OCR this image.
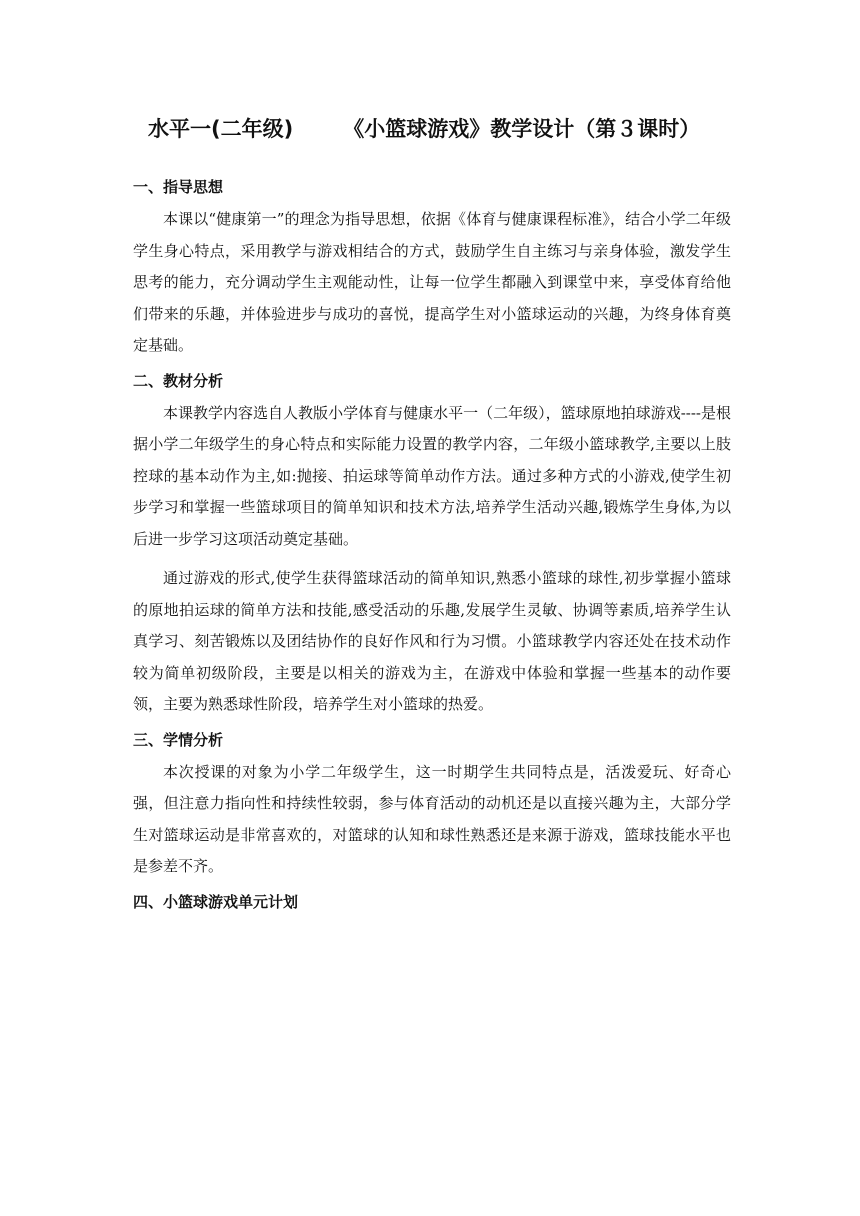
水平一(二年级) 《小篮球游戏》教学设计（第３课时）
一、指导思想

本课以“健康第一”的理念为指导思想，依据《体育与健康课程标准》，结合小学二年级学生身心特点，采用教学与游戏相结合的方式，鼓励学生自主练习与亲身体验，激发学生思考的能力，充分调动学生主观能动性，让每一位学生都融入到课堂中来，享受体育给他们带来的乐趣，并体验进步与成功的喜悦，提高学生对小篮球运动的兴趣，为终身体育奠定基础。

二、教材分析

本课教学内容选自人教版小学体育与健康水平一（二年级），篮球原地拍球游戏----是根据小学二年级学生的身心特点和实际能力设置的教学内容，二年级小篮球教学,主要以上肢控球的基本动作为主,如:抛接、拍运球等简单动作方法。通过多种方式的小游戏,使学生初步学习和掌握一些篮球项目的简单知识和技术方法,培养学生活动兴趣,锻炼学生身体,为以后进一步学习这项活动奠定基础。

通过游戏的形式,使学生获得篮球活动的简单知识,熟悉小篮球的球性,初步掌握小篮球的原地拍运球的简单方法和技能,感受活动的乐趣,发展学生灵敏、协调等素质,培养学生认真学习、刻苦锻炼以及团结协作的良好作风和行为习惯。小篮球教学内容还处在技术动作较为简单初级阶段，主要是以相关的游戏为主，在游戏中体验和掌握一些基本的动作要领，主要为熟悉球性阶段，培养学生对小篮球的热爱。

三、学情分析

本次授课的对象为小学二年级学生，这一时期学生共同特点是，活泼爱玩、好奇心强，但注意力指向性和持续性较弱，参与体育活动的动机还是以直接兴趣为主，大部分学生对篮球运动是非常喜欢的，对篮球的认知和球性熟悉还是来源于游戏，篮球技能水平也是参差不齐。

四、小篮球游戏单元计划
